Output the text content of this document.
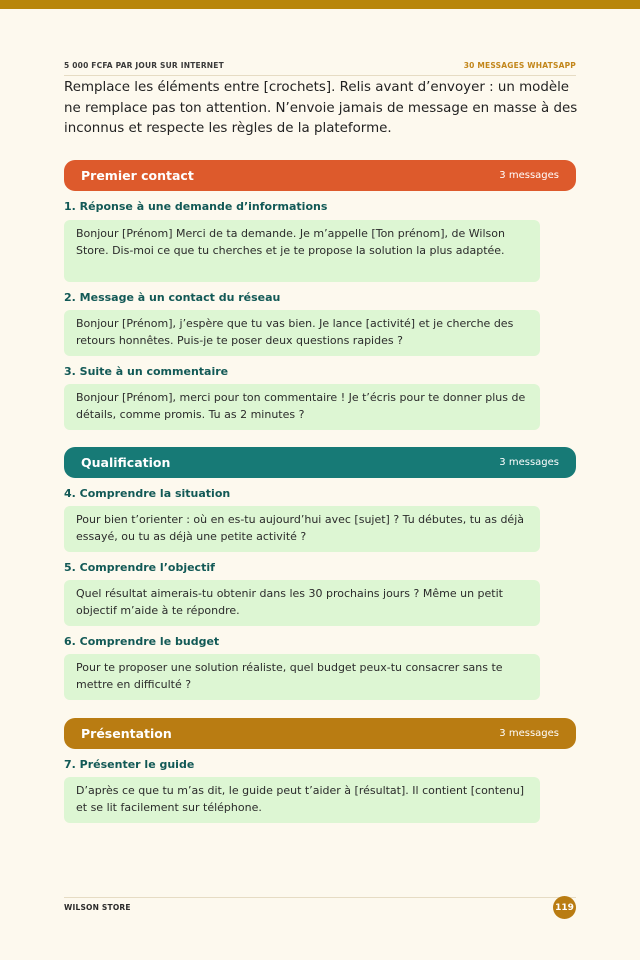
5 000 FCFA PAR JOUR SUR INTERNET	30 MESSAGES WHATSAPP

Remplace les éléments entre [crochets]. Relis avant d’envoyer : un modèle ne remplace pas ton attention. N’envoie jamais de message en masse à des inconnus et respecte les règles de la plateforme.

Premier contact	3 messages
1. Réponse à une demande d’informations
Bonjour [Prénom] Merci de ta demande. Je m’appelle [Ton prénom], de Wilson Store. Dis-moi ce que tu cherches et je te propose la solution la plus adaptée.
2. Message à un contact du réseau
Bonjour [Prénom], j’espère que tu vas bien. Je lance [activité] et je cherche des retours honnêtes. Puis-je te poser deux questions rapides ?
3. Suite à un commentaire
Bonjour [Prénom], merci pour ton commentaire ! Je t’écris pour te donner plus de détails, comme promis. Tu as 2 minutes ?
Qualification	3 messages
4. Comprendre la situation
Pour bien t’orienter : où en es-tu aujourd’hui avec [sujet] ? Tu débutes, tu as déjà essayé, ou tu as déjà une petite activité ?
5. Comprendre l’objectif
Quel résultat aimerais-tu obtenir dans les 30 prochains jours ? Même un petit objectif m’aide à te répondre.
6. Comprendre le budget
Pour te proposer une solution réaliste, quel budget peux-tu consacrer sans te mettre en difficulté ?
Présentation	3 messages
7. Présenter le guide
D’après ce que tu m’as dit, le guide peut t’aider à [résultat]. Il contient [contenu] et se lit facilement sur téléphone.
WILSON STORE	119
